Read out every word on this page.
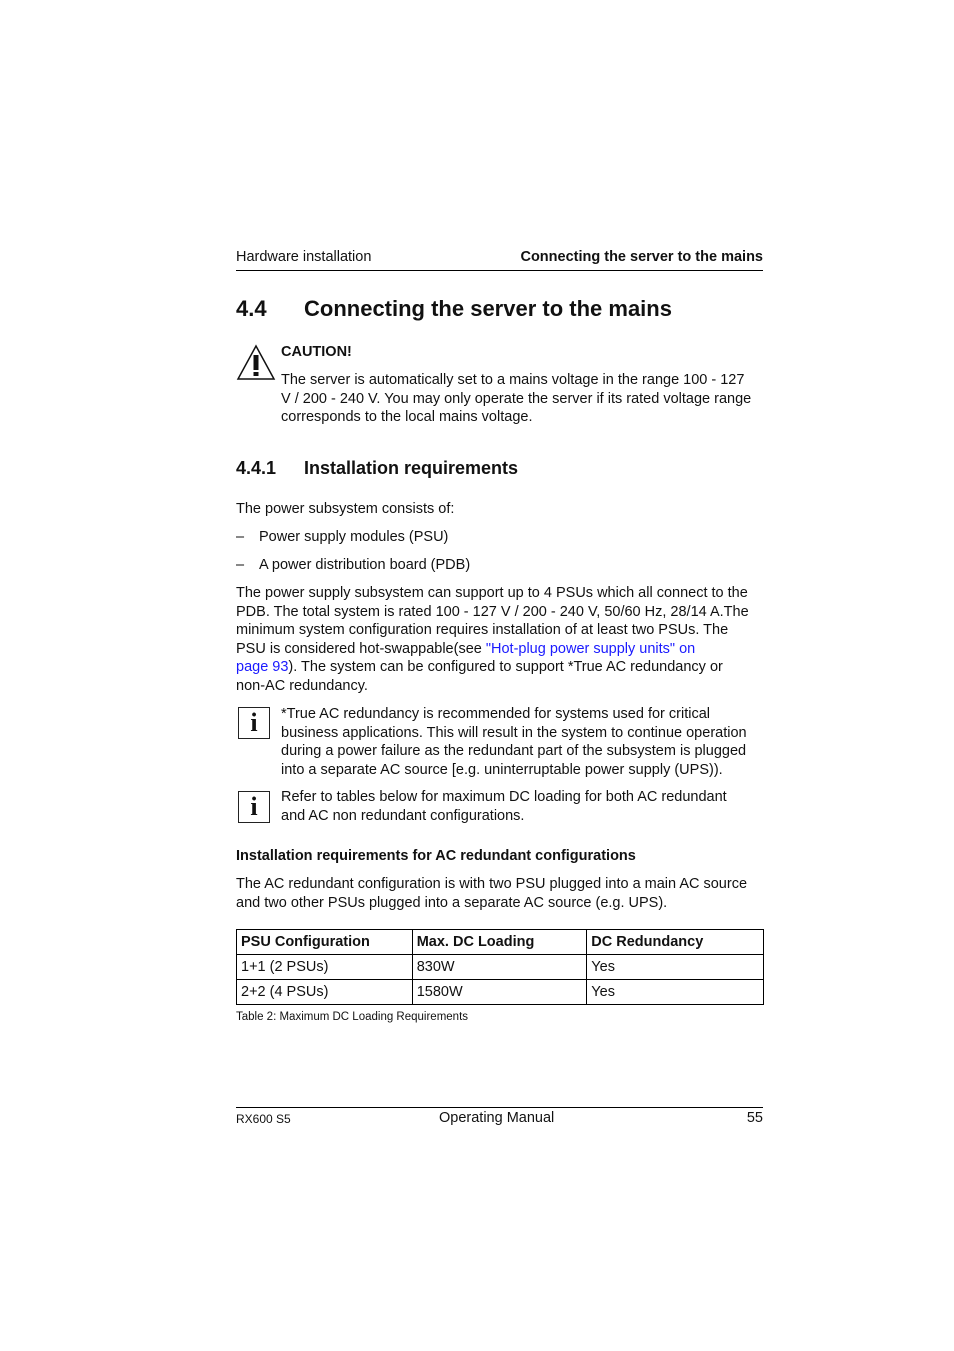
Hardware installation	Connecting the server to the mains
4.4 Connecting the server to the mains
CAUTION!
The server is automatically set to a mains voltage in the range 100 - 127
V / 200 - 240 V. You may only operate the server if its rated voltage range
corresponds to the local mains voltage.
4.4.1 Installation requirements
The power subsystem consists of:
– Power supply modules (PSU)
– A power distribution board (PDB)
The power supply subsystem can support up to 4 PSUs which all connect to the
PDB. The total system is rated 100 - 127 V / 200 - 240 V, 50/60 Hz, 28/14 A.The
minimum system configuration requires installation of at least two PSUs. The
PSU is considered hot-swappable(see "Hot-plug power supply units" on
page 93). The system can be configured to support *True AC redundancy or
non-AC redundancy.
i	*True AC redundancy is recommended for systems used for critical
business applications. This will result in the system to continue operation
during a power failure as the redundant part of the subsystem is plugged
into a separate AC source [e.g. uninterruptable power supply (UPS)).
i	Refer to tables below for maximum DC loading for both AC redundant
and AC non redundant configurations.
Installation requirements for AC redundant configurations
The AC redundant configuration is with two PSU plugged into a main AC source
and two other PSUs plugged into a separate AC source (e.g. UPS).
PSU Configuration	Max. DC Loading	DC Redundancy
1+1 (2 PSUs)	830W	Yes
2+2 (4 PSUs)	1580W	Yes
Table 2: Maximum DC Loading Requirements
RX600 S5	Operating Manual	55
